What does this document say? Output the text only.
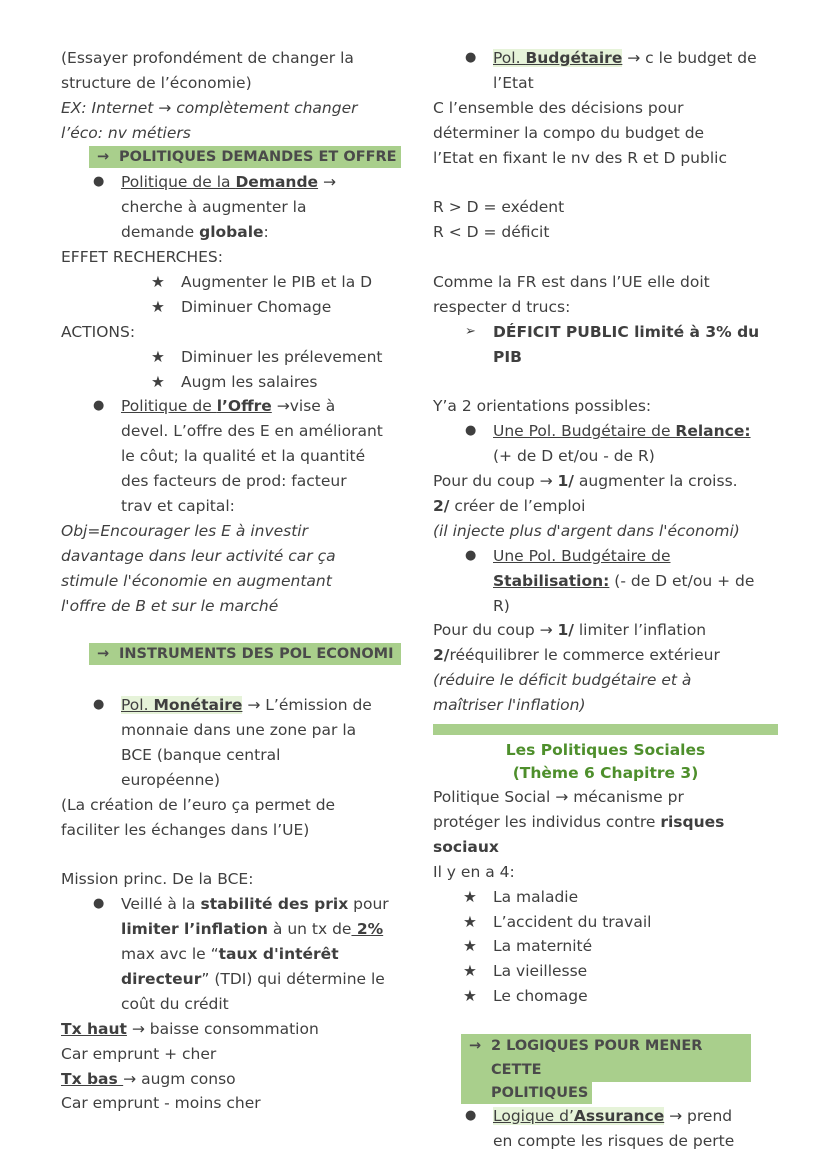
(Essayer profondément de changer la
structure de l’économie)
EX: Internet → complètement changer
l’éco: nv métiers
→ POLITIQUES DEMANDES ET OFFRE
● Politique de la Demande →
cherche à augmenter la
demande globale:
EFFET RECHERCHES:
★ Augmenter le PIB et la D
★ Diminuer Chomage
ACTIONS:
★ Diminuer les prélevement
★ Augm les salaires
● Politique de l’Offre →vise à
devel. L’offre des E en améliorant
le côut; la qualité et la quantité
des facteurs de prod: facteur
trav et capital:
Obj=Encourager les E à investir
davantage dans leur activité car ça
stimule l'économie en augmentant
l'offre de B et sur le marché
→ INSTRUMENTS DES POL ECONOMI
● Pol. Monétaire → L’émission de
monnaie dans une zone par la
BCE (banque central
européenne)
(La création de l’euro ça permet de
faciliter les échanges dans l’UE)
Mission princ. De la BCE:
● Veillé à la stabilité des prix pour
limiter l’inflation à un tx de 2%
max avc le “taux d'intérêt
directeur” (TDI) qui détermine le
coût du crédit
Tx haut → baisse consommation
Car emprunt + cher
Tx bas → augm conso
Car emprunt - moins cher
● Pol. Budgétaire → c le budget de
l’Etat
C l’ensemble des décisions pour
déterminer la compo du budget de
l’Etat en fixant le nv des R et D public
R > D = exédent
R < D = déficit
Comme la FR est dans l’UE elle doit
respecter d trucs:
➢ DÉFICIT PUBLIC limité à 3% du
PIB
Y’a 2 orientations possibles:
● Une Pol. Budgétaire de Relance:
(+ de D et/ou - de R)
Pour du coup → 1/ augmenter la croiss.
2/ créer de l’emploi
(il injecte plus d'argent dans l'économi)
● Une Pol. Budgétaire de
Stabilisation: (- de D et/ou + de
R)
Pour du coup → 1/ limiter l’inflation
2/rééquilibrer le commerce extérieur
(réduire le déficit budgétaire et à
maîtriser l'inflation)
Les Politiques Sociales
(Thème 6 Chapitre 3)
Politique Social → mécanisme pr
protéger les individus contre risques
sociaux
Il y en a 4:
★ La maladie
★ L’accident du travail
★ La maternité
★ La vieillesse
★ Le chomage
→ 2 LOGIQUES POUR MENER CETTE
POLITIQUES
● Logique d’Assurance → prend
en compte les risques de perte
